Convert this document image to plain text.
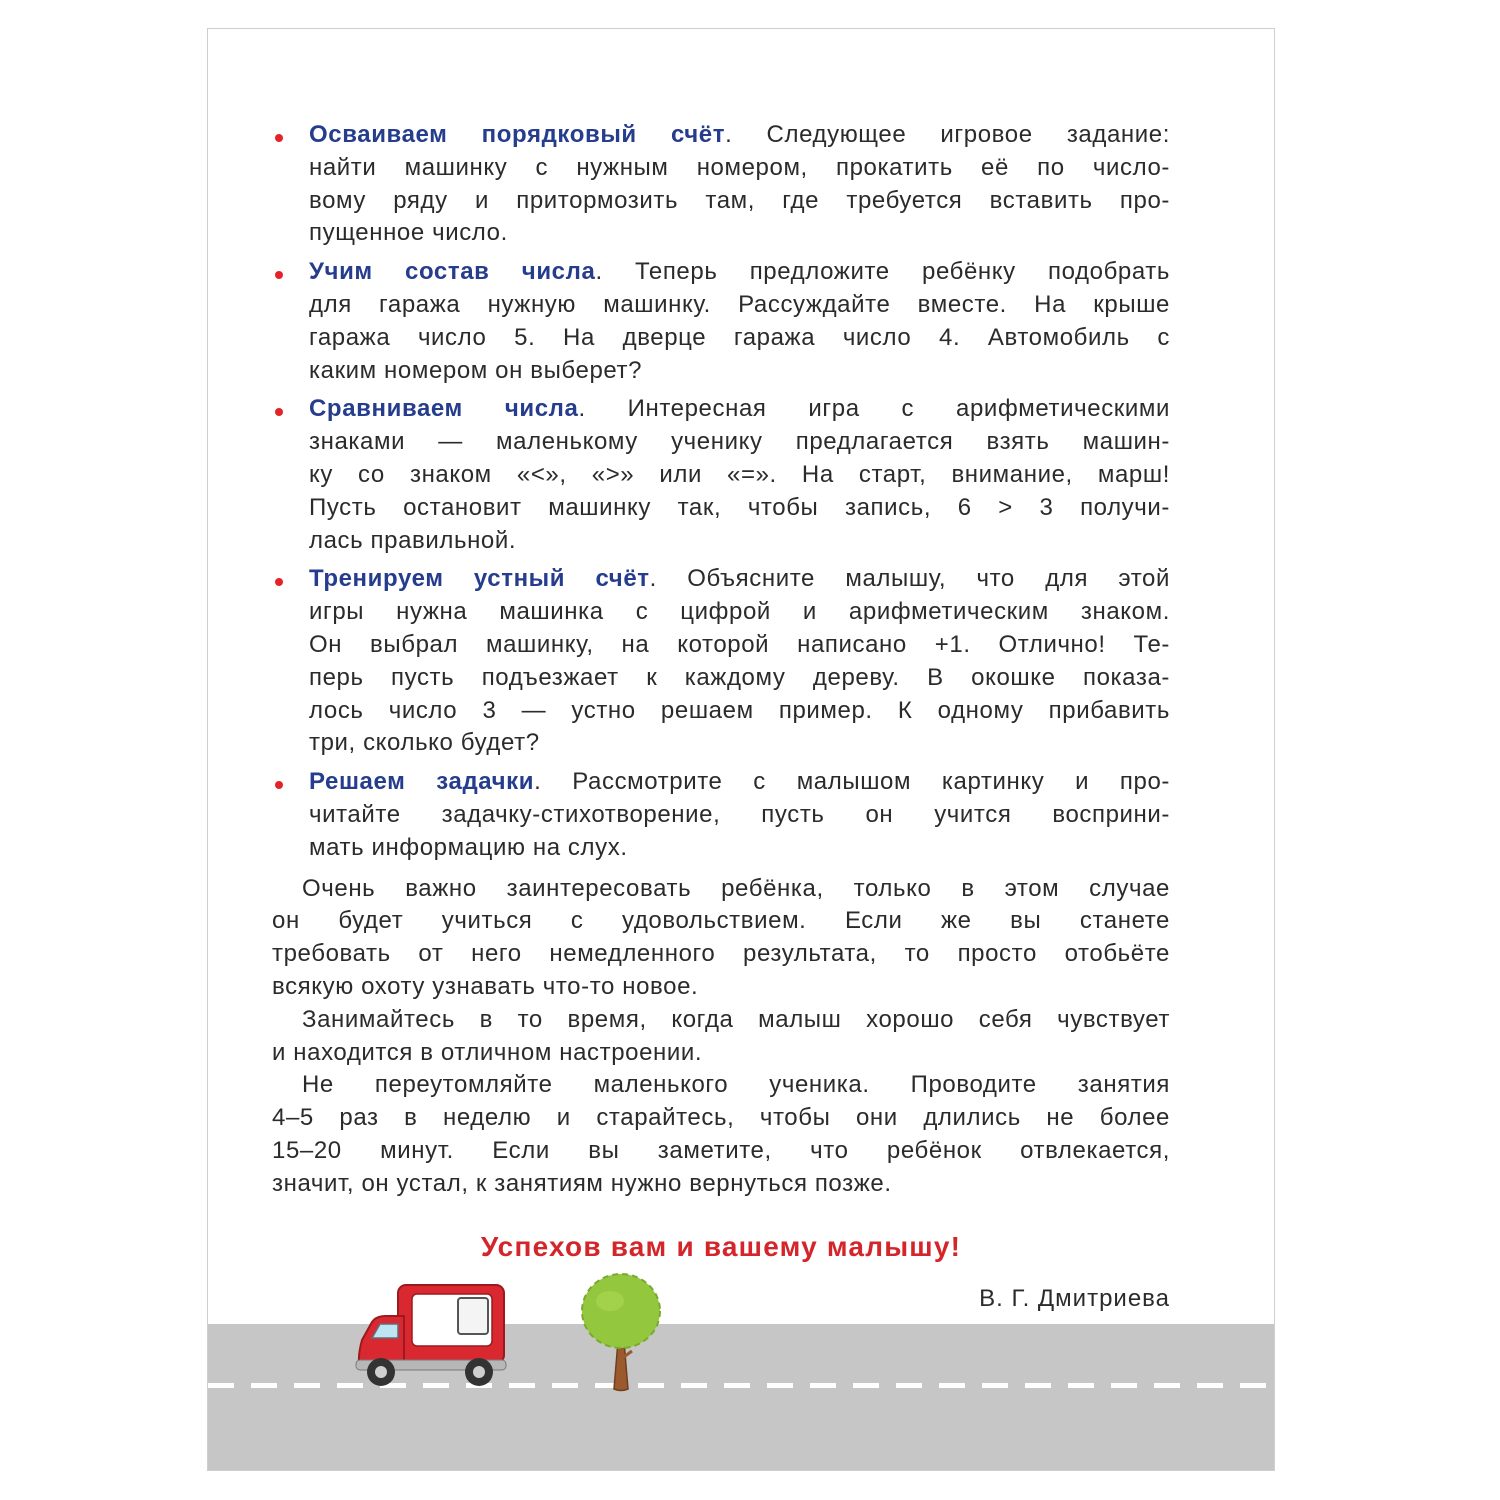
Осваиваем порядковый счёт. Следующее игровое задание:
найти машинку с нужным номером, прокатить её по число-
вому ряду и притормозить там, где требуется вставить про-
пущенное число.
Учим состав числа. Теперь предложите ребёнку подобрать
для гаража нужную машинку. Рассуждайте вместе. На крыше
гаража число 5. На дверце гаража число 4. Автомобиль с
каким номером он выберет?
Сравниваем числа. Интересная игра с арифметическими
знаками — маленькому ученику предлагается взять машин-
ку со знаком «<», «>» или «=». На старт, внимание, марш!
Пусть остановит машинку так, чтобы запись, 6 > 3 получи-
лась правильной.
Тренируем устный счёт. Объясните малышу, что для этой
игры нужна машинка с цифрой и арифметическим знаком.
Он выбрал машинку, на которой написано +1. Отлично! Те-
перь пусть подъезжает к каждому дереву. В окошке показа-
лось число 3 — устно решаем пример. К одному прибавить
три, сколько будет?
Решаем задачки. Рассмотрите с малышом картинку и про-
читайте задачку-стихотворение, пусть он учится восприни-
мать информацию на слух.
Очень важно заинтересовать ребёнка, только в этом случае
он будет учиться с удовольствием. Если же вы станете
требовать от него немедленного результата, то просто отобьёте
всякую охоту узнавать что-то новое.
Занимайтесь в то время, когда малыш хорошо себя чувствует
и находится в отличном настроении.
Не переутомляйте маленького ученика. Проводите занятия
4–5 раз в неделю и старайтесь, чтобы они длились не более
15–20 минут. Если вы заметите, что ребёнок отвлекается,
значит, он устал, к занятиям нужно вернуться позже.
Успехов вам и вашему малышу!
В. Г. Дмитриева
